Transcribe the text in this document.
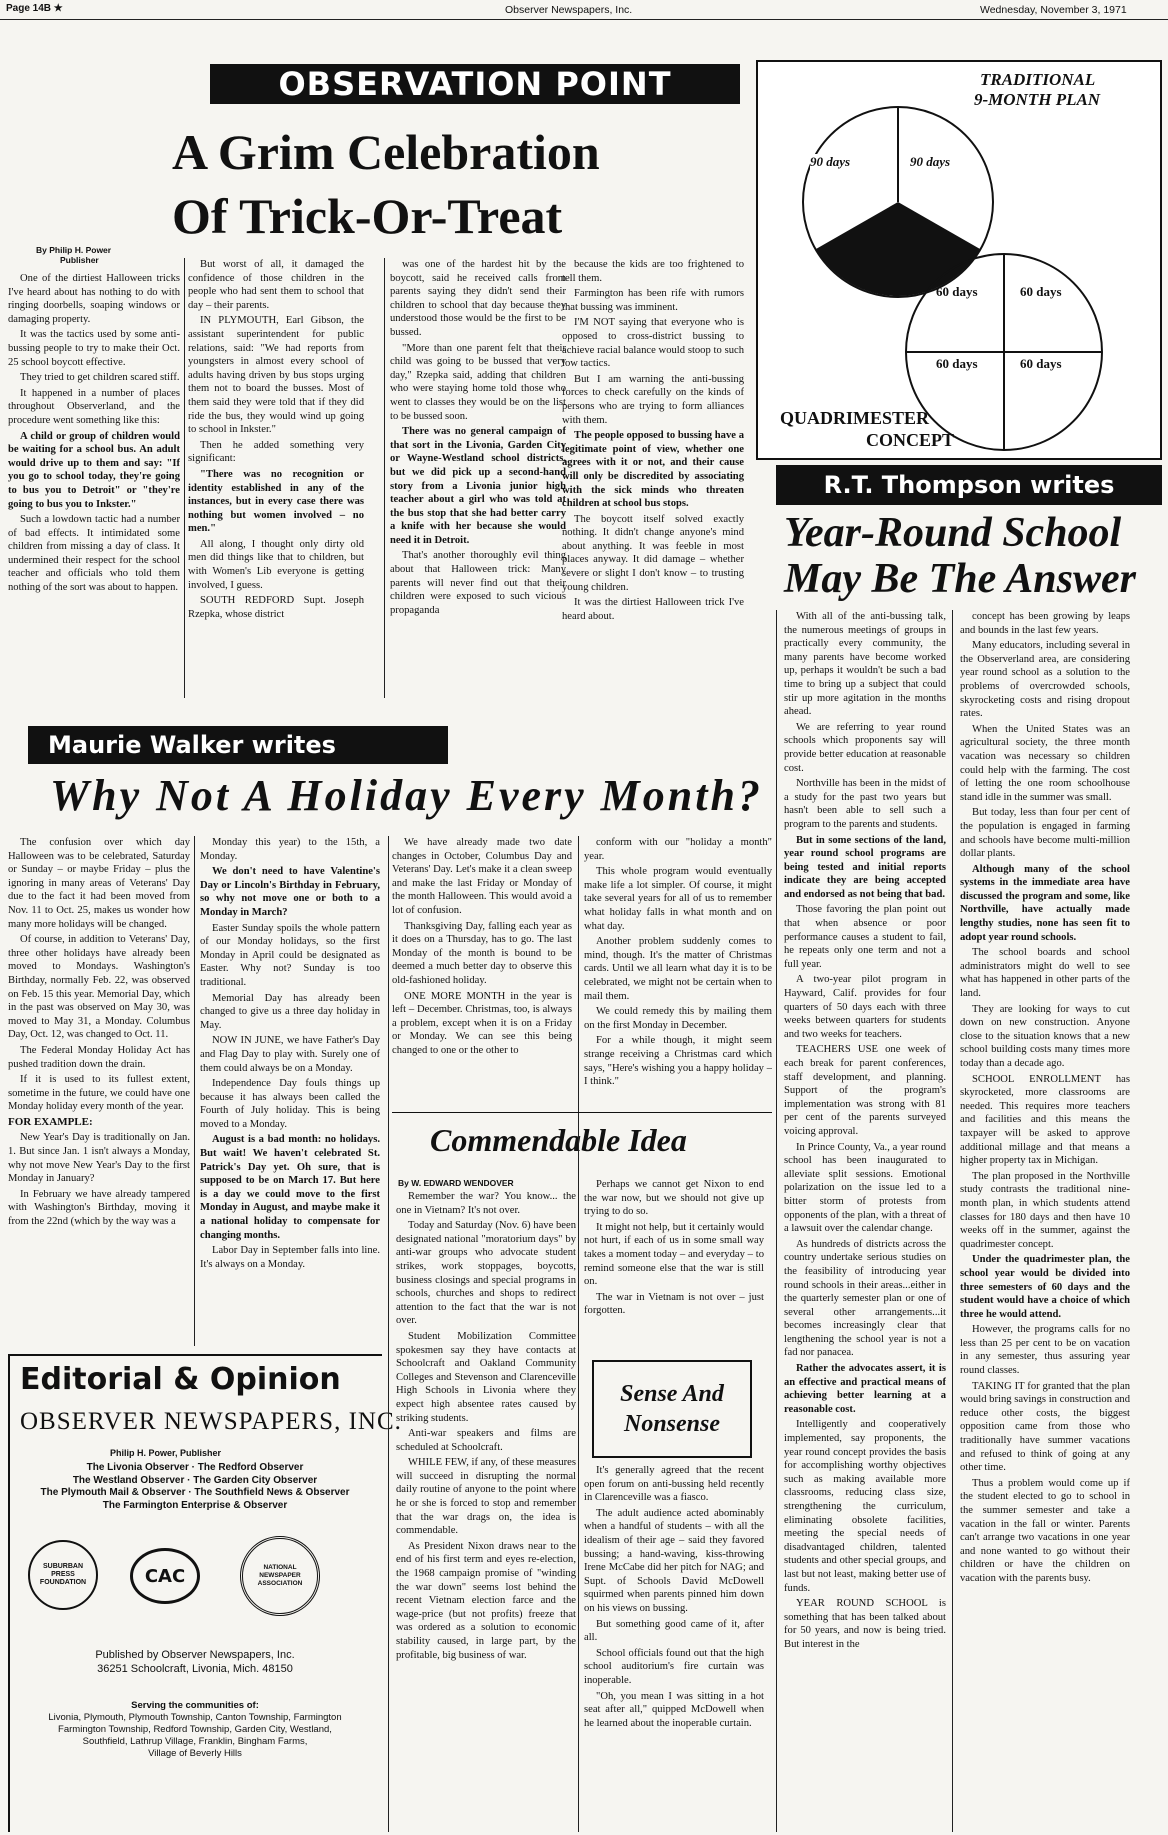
Page 14B ★	Observer Newspapers, Inc.	Wednesday, November 3, 1971
OBSERVATION POINT
A Grim Celebration
Of Trick-Or-Treat
By Philip H. Power
Publisher

One of the dirtiest Halloween tricks I've heard about has nothing to do with ringing doorbells, soaping windows or damaging property.

It was the tactics used by some anti-bussing people to try to make their Oct. 25 school boycott effective.

They tried to get children scared stiff.

It happened in a number of places throughout Observerland, and the procedure went something like this:

A child or group of children would be waiting for a school bus. An adult would drive up to them and say: "If you go to school today, they're going to bus you to Detroit" or "they're going to bus you to Inkster."

Such a lowdown tactic had a number of bad effects. It intimidated some children from missing a day of class. It undermined their respect for the school teacher and officials who told them nothing of the sort was about to happen.

But worst of all, it damaged the confidence of those children in the people who had sent them to school that day – their parents.

IN PLYMOUTH, Earl Gibson, the assistant superintendent for public relations, said: "We had reports from youngsters in almost every school of adults having driven by bus stops urging them not to board the busses. Most of them said they were told that if they did ride the bus, they would wind up going to school in Inkster."

Then he added something very significant:

"There was no recognition or identity established in any of the instances, but in every case there was nothing but women involved – no men."

All along, I thought only dirty old men did things like that to children, but with Women's Lib everyone is getting involved, I guess.

SOUTH REDFORD Supt. Joseph Rzepka, whose district

was one of the hardest hit by the boycott, said he received calls from parents saying they didn't send their children to school that day because they understood those would be the first to be bussed.

"More than one parent felt that their child was going to be bussed that very day," Rzepka said, adding that children who were staying home told those who went to classes they would be on the list to be bussed soon.

There was no general campaign of that sort in the Livonia, Garden City or Wayne-Westland school districts, but we did pick up a second-hand story from a Livonia junior high teacher about a girl who was told at the bus stop that she had better carry a knife with her because she would need it in Detroit.

That's another thoroughly evil thing about that Halloween trick: Many parents will never find out that their children were exposed to such vicious propaganda

because the kids are too frightened to tell them.

Farmington has been rife with rumors that bussing was imminent.

I'M NOT saying that everyone who is opposed to cross-district bussing to achieve racial balance would stoop to such low tactics.

But I am warning the anti-bussing forces to check carefully on the kinds of persons who are trying to form alliances with them.

The people opposed to bussing have a legitimate point of view, whether one agrees with it or not, and their cause will only be discredited by associating with the sick minds who threaten children at school bus stops.

The boycott itself solved exactly nothing. It didn't change anyone's mind about anything. It was feeble in most places anyway. It did damage – whether severe or slight I don't know – to trusting young children.

It was the dirtiest Halloween trick I've heard about.

TRADITIONAL
9-MONTH PLAN
90 days	90 days
60 days	60 days
60 days	60 days
QUADRIMESTER
CONCEPT
R.T. Thompson writes
Year-Round School
May Be The Answer

With all of the anti-bussing talk, the numerous meetings of groups in practically every community, the many parents have become worked up, perhaps it wouldn't be such a bad time to bring up a subject that could stir up more agitation in the months ahead.

We are referring to year round schools which proponents say will provide better education at reasonable cost.

Northville has been in the midst of a study for the past two years but hasn't been able to sell such a program to the parents and students.

But in some sections of the land, year round school programs are being tested and initial reports indicate they are being accepted and endorsed as not being that bad.

Those favoring the plan point out that when absence or poor performance causes a student to fail, he repeats only one term and not a full year.

A two-year pilot program in Hayward, Calif. provides for four quarters of 50 days each with three weeks between quarters for students and two weeks for teachers.

TEACHERS USE one week of each break for parent conferences, staff development, and planning. Support of the program's implementation was strong with 81 per cent of the parents surveyed voicing approval.

In Prince County, Va., a year round school has been inaugurated to alleviate split sessions. Emotional polarization on the issue led to a bitter storm of protests from opponents of the plan, with a threat of a lawsuit over the calendar change.

As hundreds of districts across the country undertake serious studies on the feasibility of introducing year round schools in their areas...either in the quarterly semester plan or one of several other arrangements...it becomes increasingly clear that lengthening the school year is not a fad nor panacea.

Rather the advocates assert, it is an effective and practical means of achieving better learning at a reasonable cost.

Intelligently and cooperatively implemented, say proponents, the year round concept provides the basis for accomplishing worthy objectives such as making available more classrooms, reducing class size, strengthening the curriculum, eliminating obsolete facilities, meeting the special needs of disadvantaged children, talented students and other special groups, and last but not least, making better use of funds.

YEAR ROUND SCHOOL is something that has been talked about for 50 years, and now is being tried. But interest in the

concept has been growing by leaps and bounds in the last few years.

Many educators, including several in the Observerland area, are considering year round school as a solution to the problems of overcrowded schools, skyrocketing costs and rising dropout rates.

When the United States was an agricultural society, the three month vacation was necessary so children could help with the farming. The cost of letting the one room schoolhouse stand idle in the summer was small.

But today, less than four per cent of the population is engaged in farming and schools have become multi-million dollar plants.

Although many of the school systems in the immediate area have discussed the program and some, like Northville, have actually made lengthy studies, none has seen fit to adopt year round schools.

The school boards and school administrators might do well to see what has happened in other parts of the land.

They are looking for ways to cut down on new construction. Anyone close to the situation knows that a new school building costs many times more today than a decade ago.

SCHOOL ENROLLMENT has skyrocketed, more classrooms are needed. This requires more teachers and facilities and this means the taxpayer will be asked to approve additional millage and that means a higher property tax in Michigan.

The plan proposed in the Northville study contrasts the traditional nine-month plan, in which students attend classes for 180 days and then have 10 weeks off in the summer, against the quadrimester concept.

Under the quadrimester plan, the school year would be divided into three semesters of 60 days and the student would have a choice of which three he would attend.

However, the programs calls for no less than 25 per cent to be on vacation in any semester, thus assuring year round classes.

TAKING IT for granted that the plan would bring savings in construction and reduce other costs, the biggest opposition came from those who traditionally have summer vacations and refused to think of going at any other time.

Thus a problem would come up if the student elected to go to school in the summer semester and take a vacation in the fall or winter. Parents can't arrange two vacations in one year and none wanted to go without their children or have the children on vacation with the parents busy.

Maurie Walker writes
Why Not A Holiday Every Month?

The confusion over which day Halloween was to be celebrated, Saturday or Sunday – or maybe Friday – plus the ignoring in many areas of Veterans' Day due to the fact it had been moved from Nov. 11 to Oct. 25, makes us wonder how many more holidays will be changed.

Of course, in addition to Veterans' Day, three other holidays have already been moved to Mondays. Washington's Birthday, normally Feb. 22, was observed on Feb. 15 this year. Memorial Day, which in the past was observed on May 30, was moved to May 31, a Monday. Columbus Day, Oct. 12, was changed to Oct. 11.

The Federal Monday Holiday Act has pushed tradition down the drain.

If it is used to its fullest extent, sometime in the future, we could have one Monday holiday every month of the year.

FOR EXAMPLE:

New Year's Day is traditionally on Jan. 1. But since Jan. 1 isn't always a Monday, why not move New Year's Day to the first Monday in January?

In February we have already tampered with Washington's Birthday, moving it from the 22nd (which by the way was a

Monday this year) to the 15th, a Monday.

We don't need to have Valentine's Day or Lincoln's Birthday in February, so why not move one or both to a Monday in March?

Easter Sunday spoils the whole pattern of our Monday holidays, so the first Monday in April could be designated as Easter. Why not? Sunday is too traditional.

Memorial Day has already been changed to give us a three day holiday in May.

NOW IN JUNE, we have Father's Day and Flag Day to play with. Surely one of them could always be on a Monday.

Independence Day fouls things up because it has always been called the Fourth of July holiday. This is being moved to a Monday.

August is a bad month: no holidays. But wait! We haven't celebrated St. Patrick's Day yet. Oh sure, that is supposed to be on March 17. But here is a day we could move to the first Monday in August, and maybe make it a national holiday to compensate for changing months.

Labor Day in September falls into line. It's always on a Monday.

We have already made two date changes in October, Columbus Day and Veterans' Day. Let's make it a clean sweep and make the last Friday or Monday of the month Halloween. This would avoid a lot of confusion.

Thanksgiving Day, falling each year as it does on a Thursday, has to go. The last Monday of the month is bound to be deemed a much better day to observe this old-fashioned holiday.

ONE MORE MONTH in the year is left – December. Christmas, too, is always a problem, except when it is on a Friday or Monday. We can see this being changed to one or the other to

conform with our "holiday a month" year.

This whole program would eventually make life a lot simpler. Of course, it might take several years for all of us to remember what holiday falls in what month and on what day.

Another problem suddenly comes to mind, though. It's the matter of Christmas cards. Until we all learn what day it is to be celebrated, we might not be certain when to mail them.

We could remedy this by mailing them on the first Monday in December.

For a while though, it might seem strange receiving a Christmas card which says, "Here's wishing you a happy holiday – I think."

Commendable Idea
By W. EDWARD WENDOVER

Remember the war? You know... the one in Vietnam? It's not over.

Today and Saturday (Nov. 6) have been designated national "moratorium days" by anti-war groups who advocate student strikes, work stoppages, boycotts, business closings and special programs in schools, churches and shops to redirect attention to the fact that the war is not over.

Student Mobilization Committee spokesmen say they have contacts at Schoolcraft and Oakland Community Colleges and Stevenson and Clarenceville High Schools in Livonia where they expect high absentee rates caused by striking students.

Anti-war speakers and films are scheduled at Schoolcraft.

WHILE FEW, if any, of these measures will succeed in disrupting the normal daily routine of anyone to the point where he or she is forced to stop and remember that the war drags on, the idea is commendable.

As President Nixon draws near to the end of his first term and eyes re-election, the 1968 campaign promise of "winding the war down" seems lost behind the recent Vietnam election farce and the wage-price (but not profits) freeze that was ordered as a solution to economic stability caused, in large part, by the profitable, big business of war.

Perhaps we cannot get Nixon to end the war now, but we should not give up trying to do so.

It might not help, but it certainly would not hurt, if each of us in some small way takes a moment today – and everyday – to remind someone else that the war is still on.

The war in Vietnam is not over – just forgotten.

Sense And
Nonsense

It's generally agreed that the recent open forum on anti-bussing held recently in Clarenceville was a fiasco.

The adult audience acted abominably when a handful of students – with all the idealism of their age – said they favored bussing; a hand-waving, kiss-throwing Irene McCabe did her pitch for NAG; and Supt. of Schools David McDowell squirmed when parents pinned him down on his views on bussing.

But something good came of it, after all.

School officials found out that the high school auditorium's fire curtain was inoperable.

"Oh, you mean I was sitting in a hot seat after all," quipped McDowell when he learned about the inoperable curtain.

Editorial & Opinion
OBSERVER NEWSPAPERS, INC.
Philip H. Power, Publisher
The Livonia Observer · The Redford Observer
The Westland Observer · The Garden City Observer
The Plymouth Mail & Observer · The Southfield News & Observer
The Farmington Enterprise & Observer
SUBURBAN PRESS FOUNDATION	CAC	NATIONAL NEWSPAPER ASSOCIATION
Published by Observer Newspapers, Inc.
36251 Schoolcraft, Livonia, Mich. 48150
Serving the communities of:
Livonia, Plymouth, Plymouth Township, Canton Township, Farmington
Farmington Township, Redford Township, Garden City, Westland,
Southfield, Lathrup Village, Franklin, Bingham Farms,
Village of Beverly Hills
